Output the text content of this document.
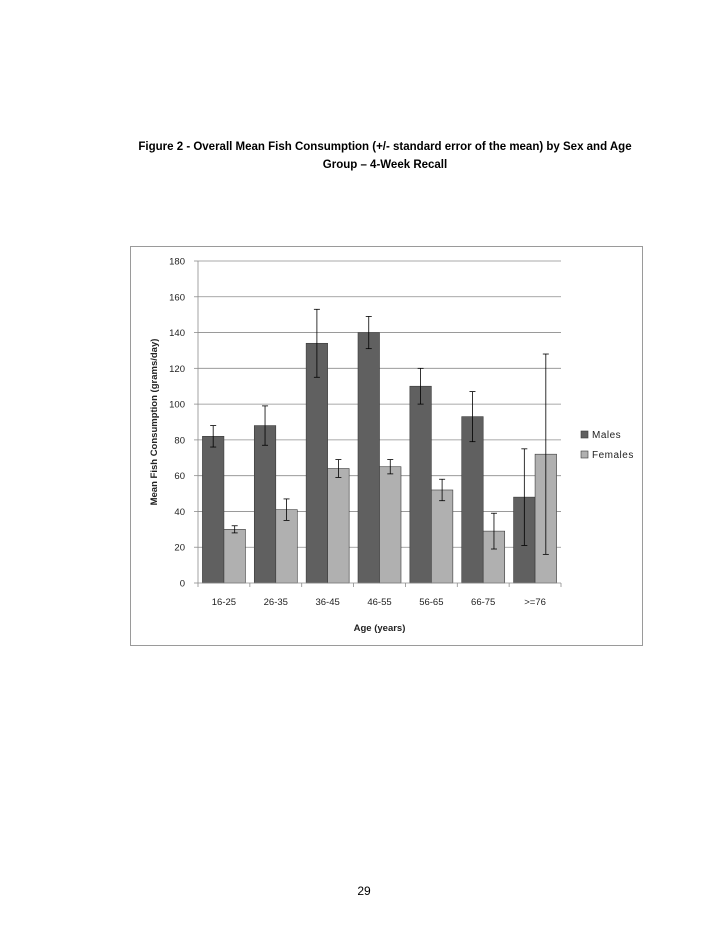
Figure 2 - Overall Mean Fish Consumption (+/- standard error of the mean) by Sex and Age
Group – 4-Week Recall
0
20
40
60
80
100
120
140
160
180
16-25	26-35	36-45	46-55	56-65	66-75	>=76
Mean Fish Consumption (grams/day)
Age (years)
Males
Females
29
